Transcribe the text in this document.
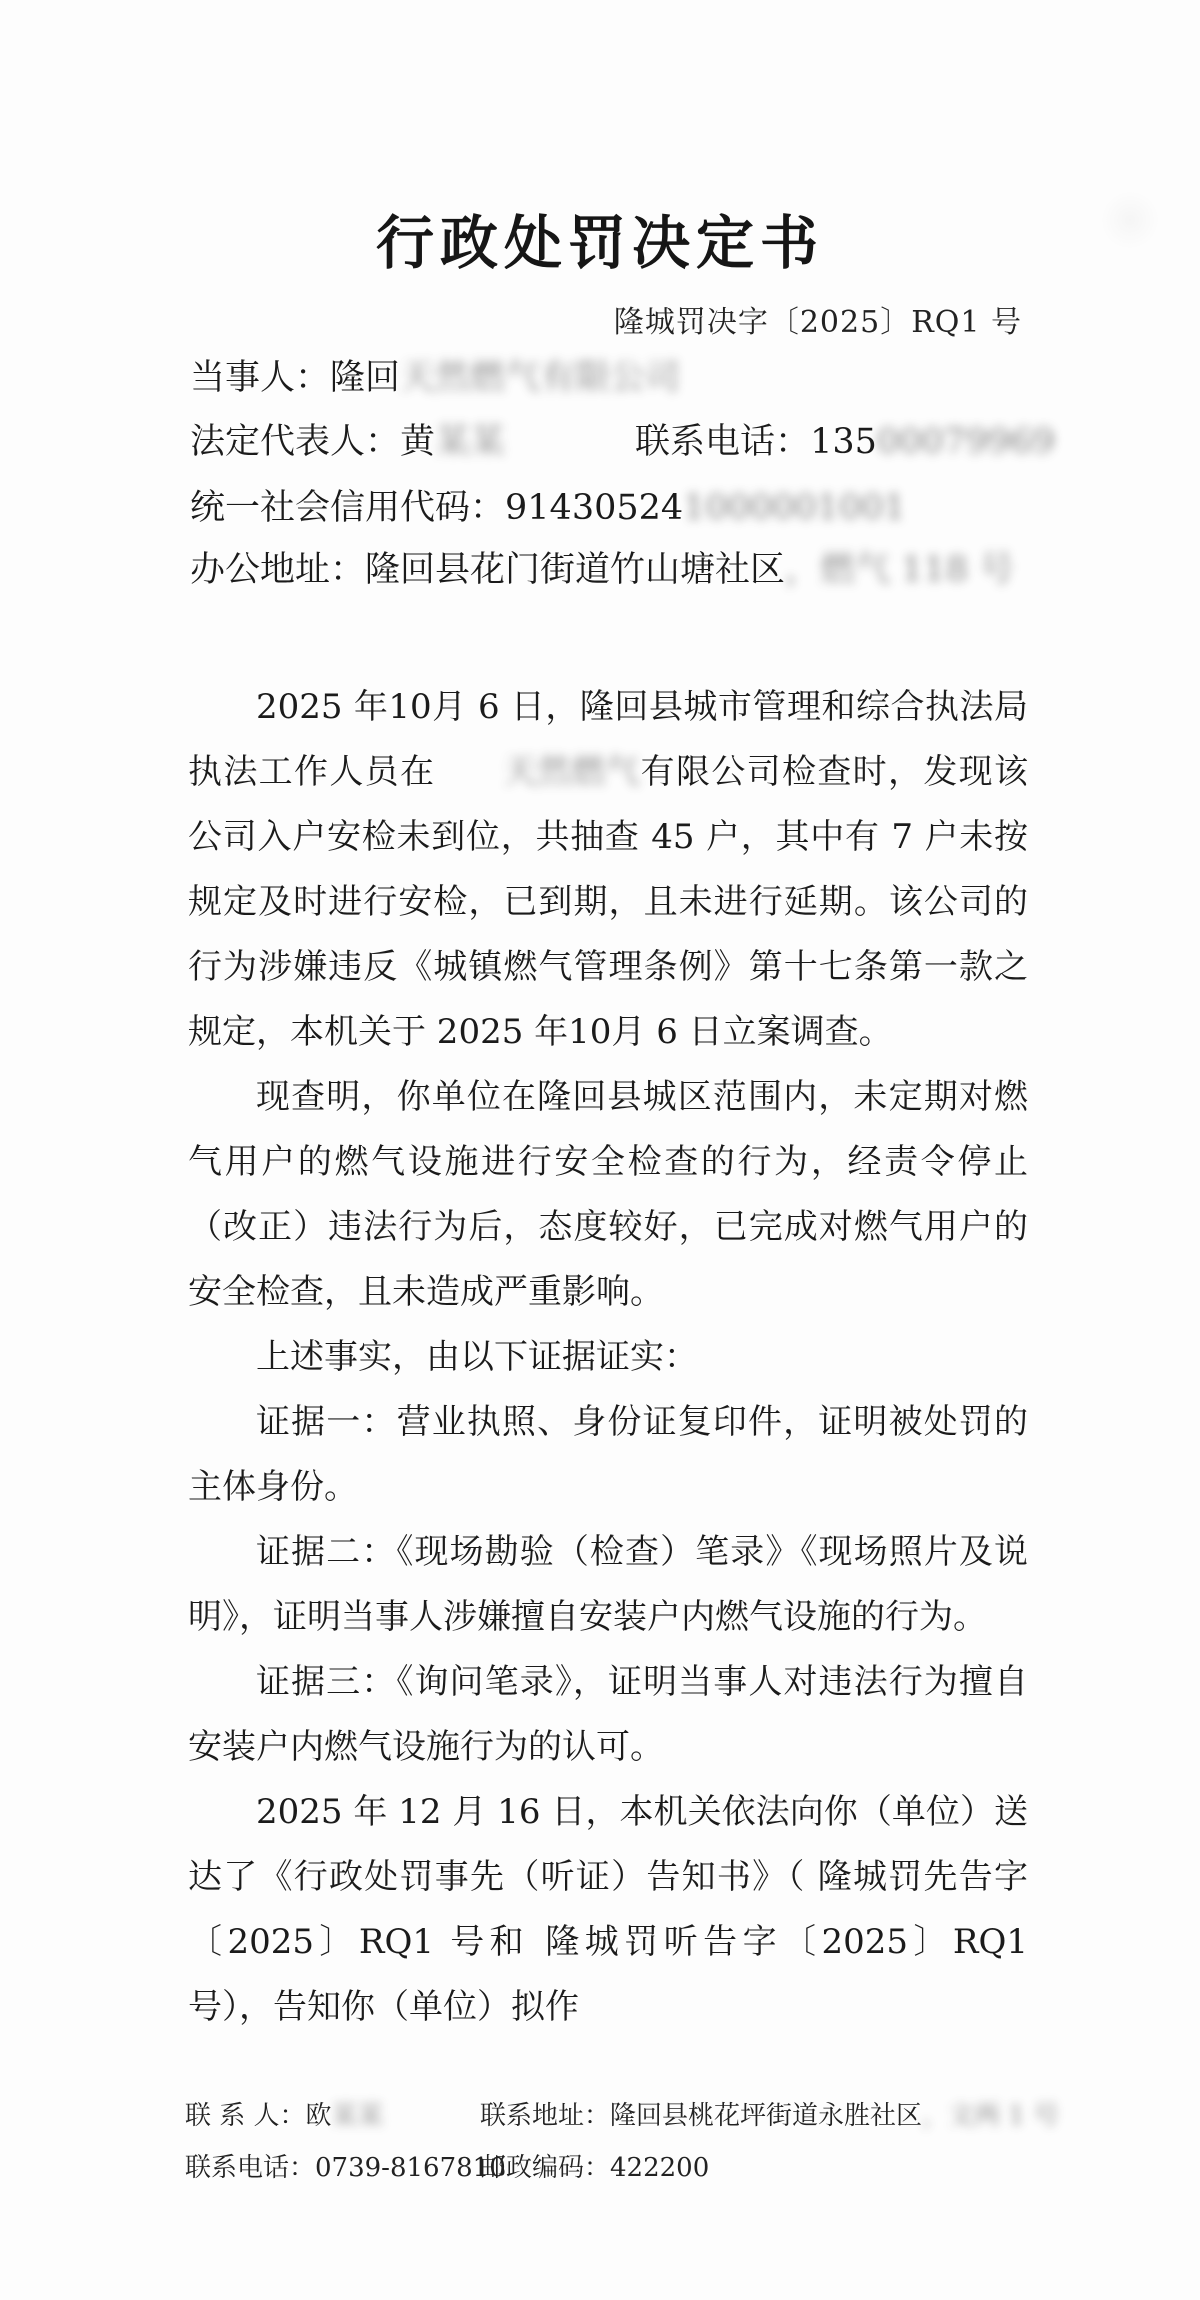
行政处罚决定书
隆城罚决字〔2025〕RQ1 号
当事人：隆回天然燃气有限公司
法定代表人：黄某某	联系电话：13500079969
统一社会信用代码：914305241000001001
办公地址：隆回县花门街道竹山塘社区，燃气 118 号

2025 年10月 6 日，隆回县城市管理和综合执法局执法工作人员在 天然燃气有限公司检查时，发现该公司入户安检未到位，共抽查 45 户，其中有 7 户未按规定及时进行安检，已到期，且未进行延期。该公司的行为涉嫌违反《城镇燃气管理条例》第十七条第一款之规定，本机关于 2025 年10月 6 日立案调查。

现查明，你单位在隆回县城区范围内，未定期对燃气用户的燃气设施进行安全检查的行为，经责令停止（改正）违法行为后，态度较好，已完成对燃气用户的安全检查，且未造成严重影响。

上述事实，由以下证据证实：

证据一：营业执照、身份证复印件，证明被处罚的主体身份。

证据二：《现场勘验（检查）笔录》《现场照片及说明》，证明当事人涉嫌擅自安装户内燃气设施的行为。

证据三：《询问笔录》，证明当事人对违法行为擅自安装户内燃气设施行为的认可。

2025 年 12 月 16 日，本机关依法向你（单位）送达了《行政处罚事先（听证）告知书》（ 隆城罚先告字〔2025〕RQ1 号和 隆城罚听告字〔2025〕RQ1 号），告知你（单位）拟作

联 系 人：欧某某	联系地址：隆回县桃花坪街道永胜社区，文两 1 号
联系电话：0739-8167810
邮政编码：422200
